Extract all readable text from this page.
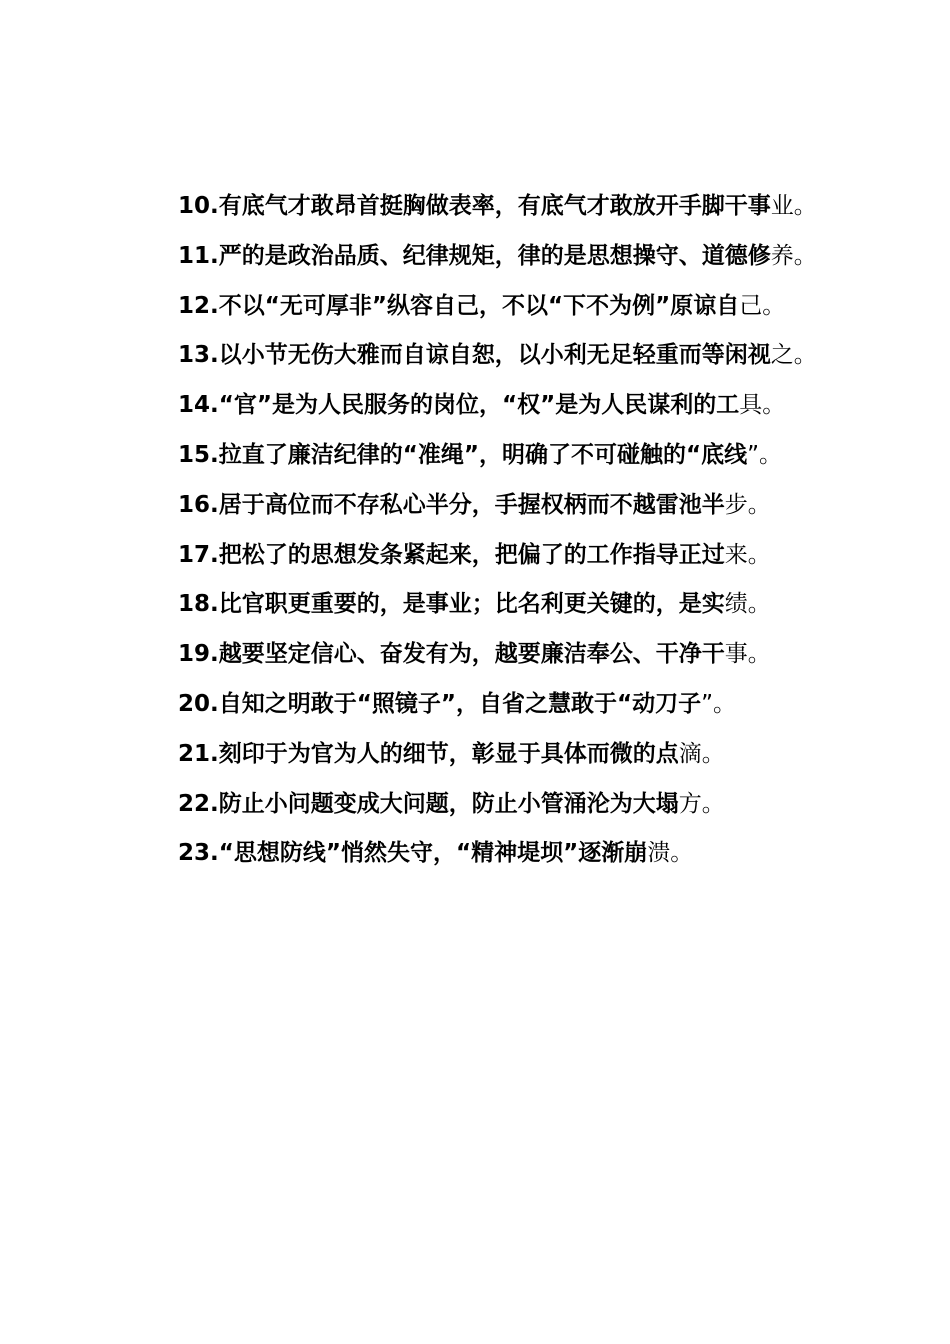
10.有底气才敢昂首挺胸做表率，有底气才敢放开手脚干事业。

11.严的是政治品质、纪律规矩，律的是思想操守、道德修养。

12.不以“无可厚非”纵容自己，不以“下不为例”原谅自己。

13.以小节无伤大雅而自谅自恕，以小利无足轻重而等闲视之。

14.“官”是为人民服务的岗位，“权”是为人民谋利的工具。

15.拉直了廉洁纪律的“准绳”，明确了不可碰触的“底线”。

16.居于高位而不存私心半分，手握权柄而不越雷池半步。

17.把松了的思想发条紧起来，把偏了的工作指导正过来。

18.比官职更重要的，是事业；比名利更关键的，是实绩。

19.越要坚定信心、奋发有为，越要廉洁奉公、干净干事。

20.自知之明敢于“照镜子”，自省之慧敢于“动刀子”。

21.刻印于为官为人的细节，彰显于具体而微的点滴。

22.防止小问题变成大问题，防止小管涌沦为大塌方。

23.“思想防线”悄然失守，“精神堤坝”逐渐崩溃。
